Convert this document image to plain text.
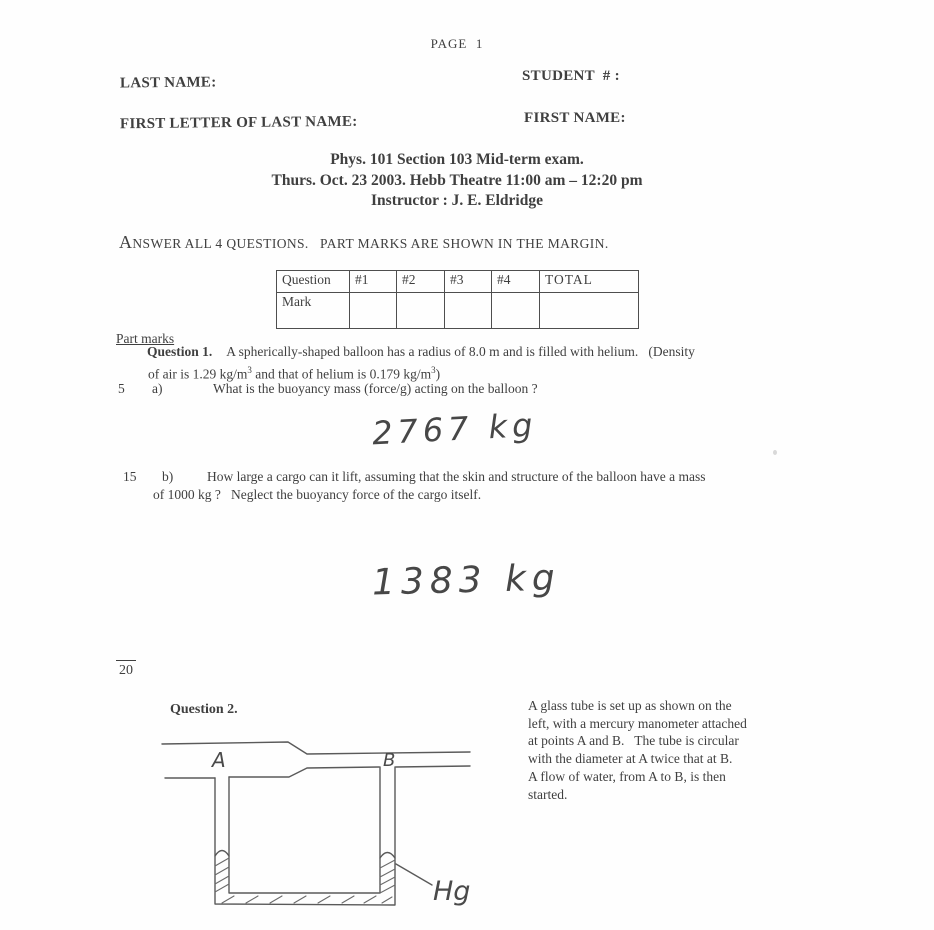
PAGE  1
LAST NAME:	STUDENT  # :
FIRST LETTER OF LAST NAME:	FIRST NAME:
Phys. 101 Section 103 Mid-term exam.
Thurs. Oct. 23 2003. Hebb Theatre 11:00 am – 12:20 pm
Instructor : J. E. Eldridge
ANSWER ALL 4 QUESTIONS.   PART MARKS ARE SHOWN IN THE MARGIN.
Question	#1	#2	#3	#4	TOTAL
Mark					
Part marks
Question 1. A spherically-shaped balloon has a radius of 8.0 m and is filled with helium.   (Density
of air is 1.29 $kg/m^3$ and that of helium is 0.179 $kg/m^3$)
5 a)	What is the buoyancy mass (force/g) acting on the balloon ?
2767 kg
15 b)	How large a cargo can it lift, assuming that the skin and structure of the balloon have a mass
of 1000 kg ?   Neglect the buoyancy force of the cargo itself.
1383 kg
20
Question 2.	A glass tube is set up as shown on the
left, with a mercury manometer attached
at points A and B.   The tube is circular
with the diameter at A twice that at B.
A flow of water, from A to B, is then
started.
A	B
Hg
